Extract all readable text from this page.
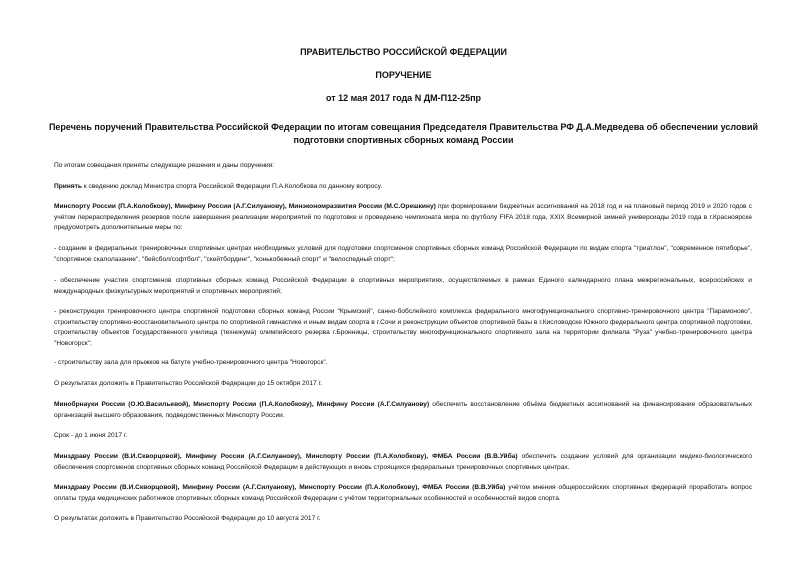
ПРАВИТЕЛЬСТВО РОССИЙСКОЙ ФЕДЕРАЦИИ

ПОРУЧЕНИЕ

от 12 мая 2017 года N ДМ-П12-25пр

Перечень поручений Правительства Российской Федерации по итогам совещания Председателя Правительства РФ Д.А.Медведева об обеспечении условий подготовки спортивных сборных команд России

По итогам совещания приняты следующие решения и даны поручения:

Принять к сведению доклад Министра спорта Российской Федерации П.А.Колобкова по данному вопросу.

Минспорту России (П.А.Колобкову), Минфину России (А.Г.Силуанову), Минэкономразвития России (М.С.Орешкину) при формировании бюджетных ассигнований на 2018 год и на плановый период 2019 и 2020 годов с учётом перераспределения резервов после завершения реализации мероприятий по подготовке и проведению чемпионата мира по футболу FIFA 2018 года, XXIX Всемирной зимней универсиады 2019 года в г.Красноярске предусмотреть дополнительные меры по:

- создание в федеральных тренировочных спортивных центрах необходимых условий для подготовки спортсменов спортивных сборных команд Российской Федерации по видам спорта "триатлон", "современное пятиборье", "спортивное скалолазание", "бейсбол/софтбол", "скейтбординг", "конькобежный спорт" и "велоспедный спорт";

- обеспечение участия спортсменов спортивных сборных команд Российской Федерации в спортивных мероприятиях, осуществляемых в рамках Единого календарного плана межрегиональных, всероссийских и международных физкультурных мероприятий и спортивных мероприятий;

- реконструкции тренировочного центра спортивной подготовки сборных команд России "Крымский", санно-бобслейного комплекса федерального многофункционального спортивно-тренировочного центра "Парамоново", строительству спортивно-восстановительного центра по спортивной гимнастике и иным видам спорта в г.Сочи и реконструкции объектов спортивной базы в г.Кисловодске Южного федерального центра спортивной подготовки, строительству объектов Государственного училища (техникума) олимпийского резерва г.Бронницы, строительству многофункционального спортивного зала на территории филиала "Руза" учебно-тренировочного центра "Новогорск";

- строительству зала для прыжков на батуте учебно-тренировочного центра "Новогорск".

О результатах доложить в Правительство Российской Федерации до 15 октября 2017 г.

Минобрнауки России (О.Ю.Васильевой), Минспорту России (П.А.Колобкову), Минфину России (А.Г.Силуанову) обеспечить восстановление объёма бюджетных ассигнований на финансирование образовательных организаций высшего образования, подведомственных Минспорту России.

Срок - до 1 июня 2017 г.

Минздраву России (В.И.Скворцовой), Минфину России (А.Г.Силуанову), Минспорту России (П.А.Колобкову), ФМБА России (В.В.Уйба) обеспечить создание условий для организации медико-биологического обеспечения спортсменов спортивных сборных команд Российской Федерации в действующих и вновь строящихся федеральных тренировочных спортивных центрах.

Минздраву России (В.И.Скворцовой), Минфину России (А.Г.Силуанову), Минспорту России (П.А.Колобкову), ФМБА России (В.В.Уйба) учётом мнения общероссийских спортивных федераций проработать вопрос оплаты труда медицинских работников спортивных сборных команд Российской Федерации с учётом территориальных особенностей и особенностей видов спорта.

О результатах доложить в Правительство Российской Федерации до 10 августа 2017 г.
